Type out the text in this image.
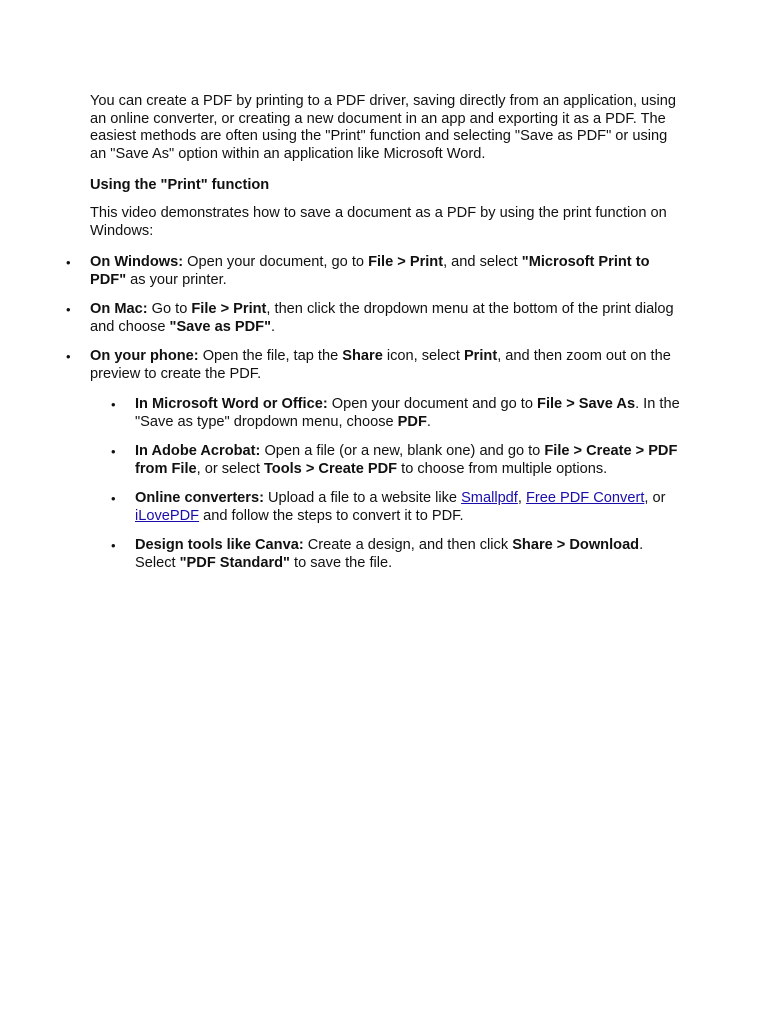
You can create a PDF by printing to a PDF driver, saving directly from an application, using an online converter, or creating a new document in an app and exporting it as a PDF. The easiest methods are often using the "Print" function and selecting "Save as PDF" or using an "Save As" option within an application like Microsoft Word.

Using the "Print" function

This video demonstrates how to save a document as a PDF by using the print function on Windows:

• On Windows: Open your document, go to File > Print, and select "Microsoft Print to PDF" as your printer.

• On Mac: Go to File > Print, then click the dropdown menu at the bottom of the print dialog and choose "Save as PDF".

• On your phone: Open the file, tap the Share icon, select Print, and then zoom out on the preview to create the PDF.

• In Microsoft Word or Office: Open your document and go to File > Save As. In the "Save as type" dropdown menu, choose PDF.

• In Adobe Acrobat: Open a file (or a new, blank one) and go to File > Create > PDF from File, or select Tools > Create PDF to choose from multiple options.

• Online converters: Upload a file to a website like Smallpdf, Free PDF Convert, or iLovePDF and follow the steps to convert it to PDF.

• Design tools like Canva: Create a design, and then click Share > Download. Select "PDF Standard" to save the file.
